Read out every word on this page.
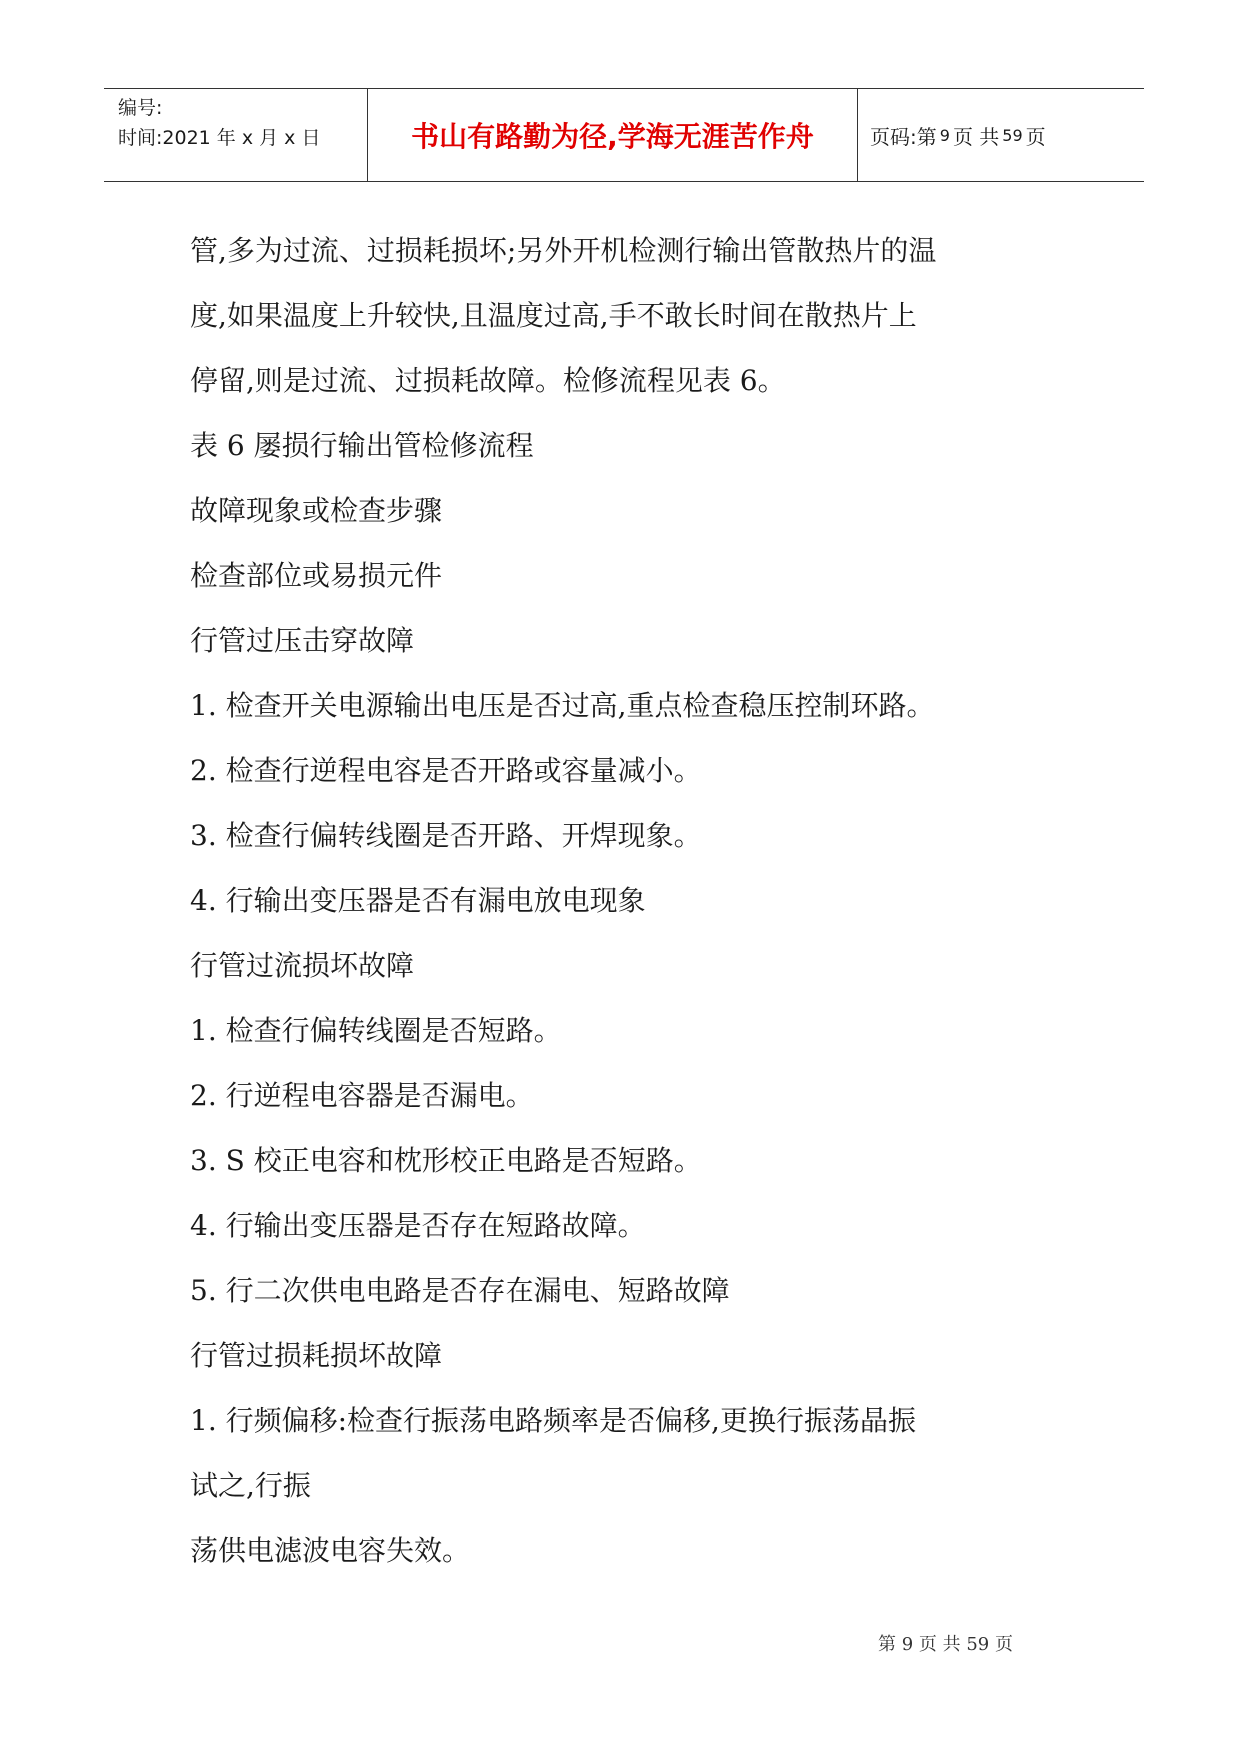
编号:
时间:2021 年 x 月 x 日	书山有路勤为径,学海无涯苦作舟	页码:第 9 页 共 59 页
管,多为过流、过损耗损坏;另外开机检测行输出管散热片的温
度,如果温度上升较快,且温度过高,手不敢长时间在散热片上
停留,则是过流、过损耗故障。检修流程见表 6。
表 6 屡损行输出管检修流程
故障现象或检查步骤
检查部位或易损元件
行管过压击穿故障
1. 检查开关电源输出电压是否过高,重点检查稳压控制环路。
2. 检查行逆程电容是否开路或容量减小。
3. 检查行偏转线圈是否开路、开焊现象。
4. 行输出变压器是否有漏电放电现象
行管过流损坏故障
1. 检查行偏转线圈是否短路。
2. 行逆程电容器是否漏电。
3. S 校正电容和枕形校正电路是否短路。
4. 行输出变压器是否存在短路故障。
5. 行二次供电电路是否存在漏电、短路故障
行管过损耗损坏故障
1. 行频偏移:检查行振荡电路频率是否偏移,更换行振荡晶振
试之,行振
荡供电滤波电容失效。
第 9 页 共 59 页
